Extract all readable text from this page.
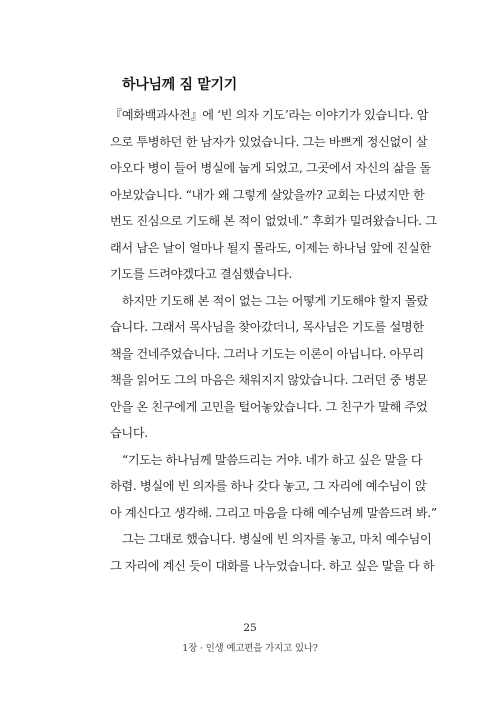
하나님께 짐 맡기기
『예화백과사전』에 ‘빈 의자 기도’라는 이야기가 있습니다. 암
으로 투병하던 한 남자가 있었습니다. 그는 바쁘게 정신없이 살
아오다 병이 들어 병실에 눕게 되었고, 그곳에서 자신의 삶을 돌
아보았습니다. “내가 왜 그렇게 살았을까? 교회는 다녔지만 한
번도 진심으로 기도해 본 적이 없었네.” 후회가 밀려왔습니다. 그
래서 남은 날이 얼마나 될지 몰라도, 이제는 하나님 앞에 진실한
기도를 드려야겠다고 결심했습니다.
하지만 기도해 본 적이 없는 그는 어떻게 기도해야 할지 몰랐
습니다. 그래서 목사님을 찾아갔더니, 목사님은 기도를 설명한
책을 건네주었습니다. 그러나 기도는 이론이 아닙니다. 아무리
책을 읽어도 그의 마음은 채워지지 않았습니다. 그러던 중 병문
안을 온 친구에게 고민을 털어놓았습니다. 그 친구가 말해 주었
습니다.
“기도는 하나님께 말씀드리는 거야. 네가 하고 싶은 말을 다
하렴. 병실에 빈 의자를 하나 갖다 놓고, 그 자리에 예수님이 앉
아 계신다고 생각해. 그리고 마음을 다해 예수님께 말씀드려 봐.”
그는 그대로 했습니다. 병실에 빈 의자를 놓고, 마치 예수님이
그 자리에 계신 듯이 대화를 나누었습니다. 하고 싶은 말을 다 하
25
1장 · 인생 예고편을 가지고 있나?
